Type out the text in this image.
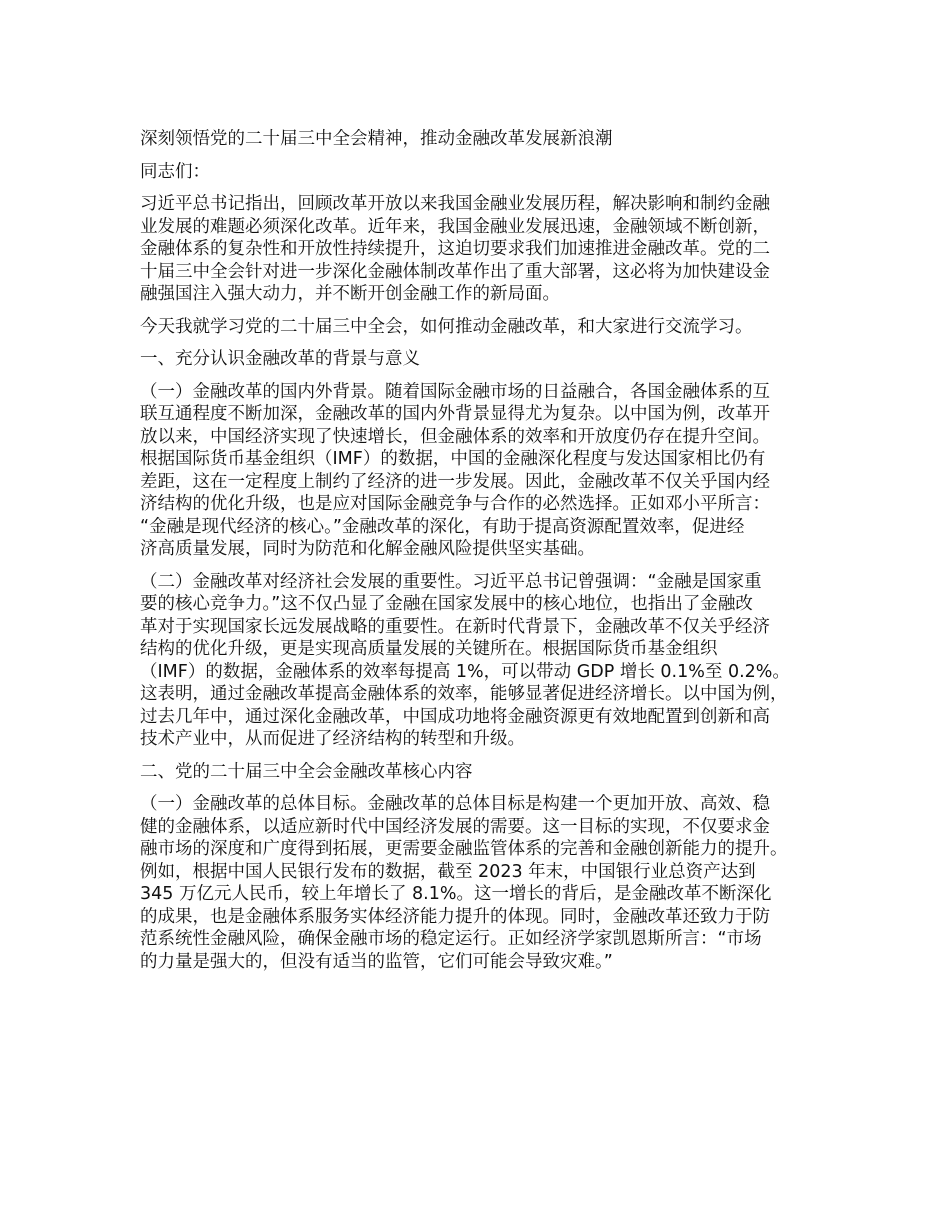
深刻领悟党的二十届三中全会精神，推动金融改革发展新浪潮
同志们：
习近平总书记指出，回顾改革开放以来我国金融业发展历程，解决影响和制约金融
业发展的难题必须深化改革。近年来，我国金融业发展迅速，金融领域不断创新，
金融体系的复杂性和开放性持续提升，这迫切要求我们加速推进金融改革。党的二
十届三中全会针对进一步深化金融体制改革作出了重大部署，这必将为加快建设金
融强国注入强大动力，并不断开创金融工作的新局面。
今天我就学习党的二十届三中全会，如何推动金融改革，和大家进行交流学习。
一、充分认识金融改革的背景与意义
（一）金融改革的国内外背景。随着国际金融市场的日益融合，各国金融体系的互
联互通程度不断加深，金融改革的国内外背景显得尤为复杂。以中国为例，改革开
放以来，中国经济实现了快速增长，但金融体系的效率和开放度仍存在提升空间。
根据国际货币基金组织（IMF）的数据，中国的金融深化程度与发达国家相比仍有
差距，这在一定程度上制约了经济的进一步发展。因此，金融改革不仅关乎国内经
济结构的优化升级，也是应对国际金融竞争与合作的必然选择。正如邓小平所言：
“金融是现代经济的核心。”金融改革的深化，有助于提高资源配置效率，促进经
济高质量发展，同时为防范和化解金融风险提供坚实基础。
（二）金融改革对经济社会发展的重要性。习近平总书记曾强调：“金融是国家重
要的核心竞争力。”这不仅凸显了金融在国家发展中的核心地位，也指出了金融改
革对于实现国家长远发展战略的重要性。在新时代背景下，金融改革不仅关乎经济
结构的优化升级，更是实现高质量发展的关键所在。根据国际货币基金组织
（IMF）的数据，金融体系的效率每提高 1%，可以带动 GDP 增长 0.1%至 0.2%。
这表明，通过金融改革提高金融体系的效率，能够显著促进经济增长。以中国为例，
过去几年中，通过深化金融改革，中国成功地将金融资源更有效地配置到创新和高
技术产业中，从而促进了经济结构的转型和升级。
二、党的二十届三中全会金融改革核心内容
（一）金融改革的总体目标。金融改革的总体目标是构建一个更加开放、高效、稳
健的金融体系，以适应新时代中国经济发展的需要。这一目标的实现，不仅要求金
融市场的深度和广度得到拓展，更需要金融监管体系的完善和金融创新能力的提升。
例如，根据中国人民银行发布的数据，截至 2023 年末，中国银行业总资产达到
345 万亿元人民币，较上年增长了 8.1%。这一增长的背后，是金融改革不断深化
的成果，也是金融体系服务实体经济能力提升的体现。同时，金融改革还致力于防
范系统性金融风险，确保金融市场的稳定运行。正如经济学家凯恩斯所言：“市场
的力量是强大的，但没有适当的监管，它们可能会导致灾难。”
